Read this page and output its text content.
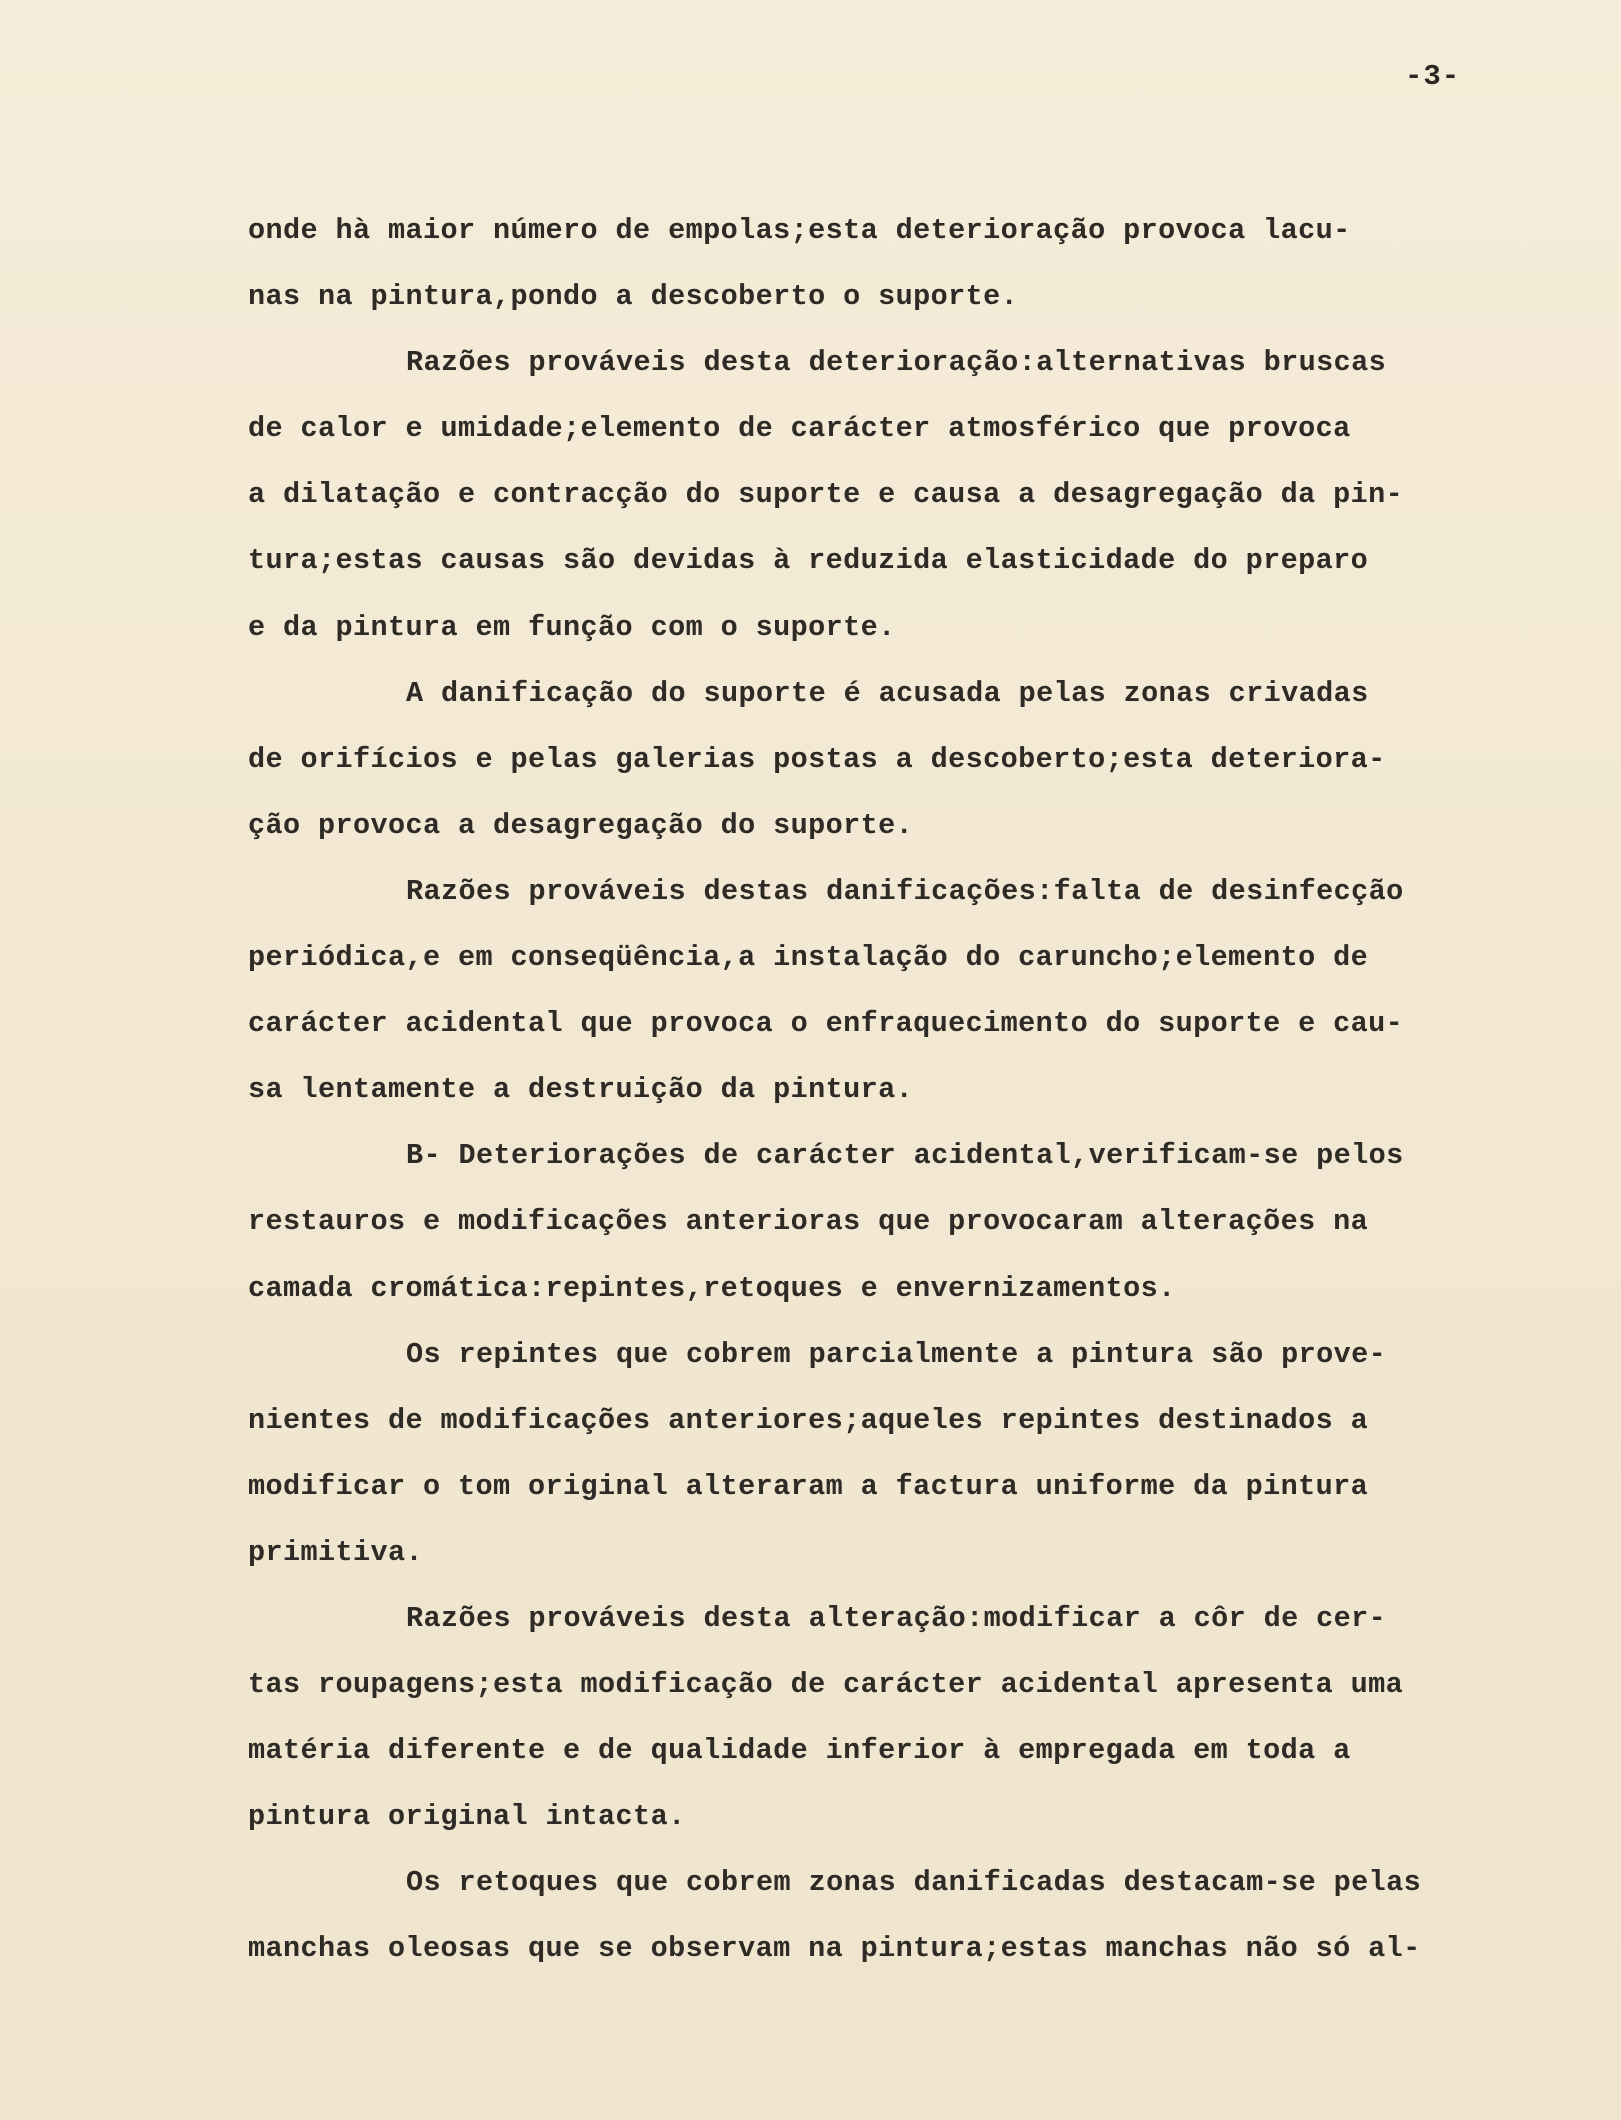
-3-
onde hà maior número de empolas;esta deterioração provoca lacu-
nas na pintura,pondo a descoberto o suporte.
Razões prováveis desta deterioração:alternativas bruscas
de calor e umidade;elemento de carácter atmosférico que provoca
a dilatação e contracção do suporte e causa a desagregação da pin-
tura;estas causas são devidas à reduzida elasticidade do preparo
e da pintura em função com o suporte.
A danificação do suporte é acusada pelas zonas crivadas
de orifícios e pelas galerias postas a descoberto;esta deteriora-
ção provoca a desagregação do suporte.
Razões prováveis destas danificações:falta de desinfecção
periódica,e em conseqüência,a instalação do caruncho;elemento de
carácter acidental que provoca o enfraquecimento do suporte e cau-
sa lentamente a destruição da pintura.
B- Deteriorações de carácter acidental,verificam-se pelos
restauros e modificações anterioras que provocaram alterações na
camada cromática:repintes,retoques e envernizamentos.
Os repintes que cobrem parcialmente a pintura são prove-
nientes de modificações anteriores;aqueles repintes destinados a
modificar o tom original alteraram a factura uniforme da pintura
primitiva.
Razões prováveis desta alteração:modificar a côr de cer-
tas roupagens;esta modificação de carácter acidental apresenta uma
matéria diferente e de qualidade inferior à empregada em toda a
pintura original intacta.
Os retoques que cobrem zonas danificadas destacam-se pelas
manchas oleosas que se observam na pintura;estas manchas não só al-
